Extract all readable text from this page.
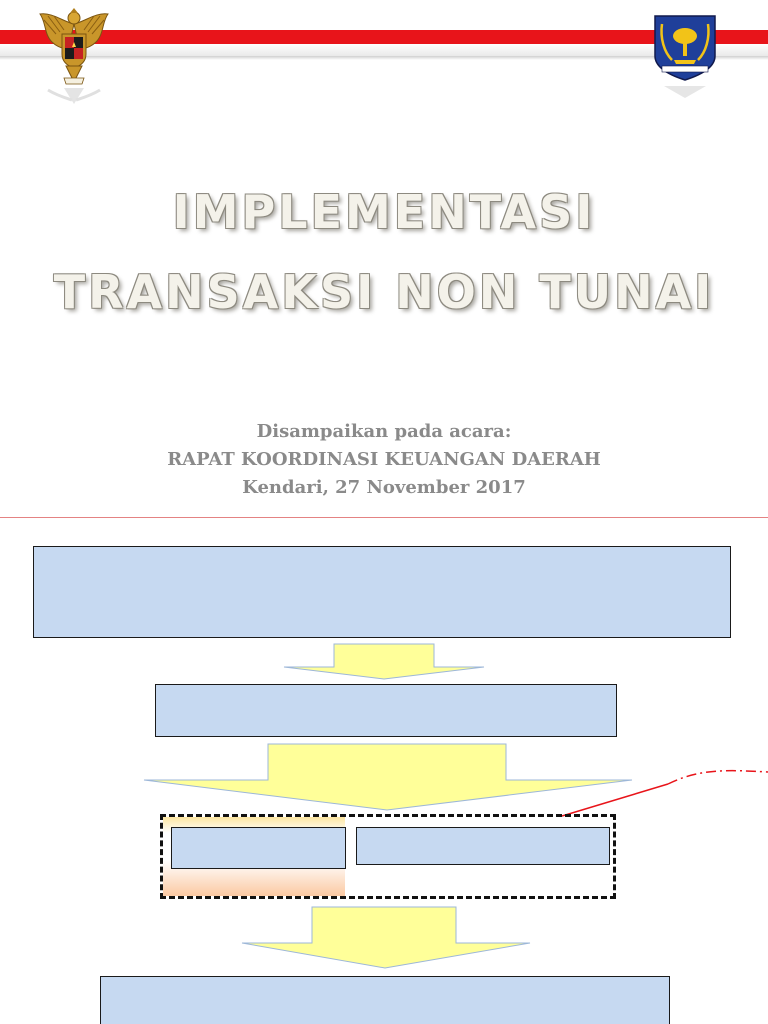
IMPLEMENTASI
TRANSAKSI NON TUNAI
Disampaikan pada acara:
RAPAT KOORDINASI KEUANGAN DAERAH
Kendari, 27 November 2017
